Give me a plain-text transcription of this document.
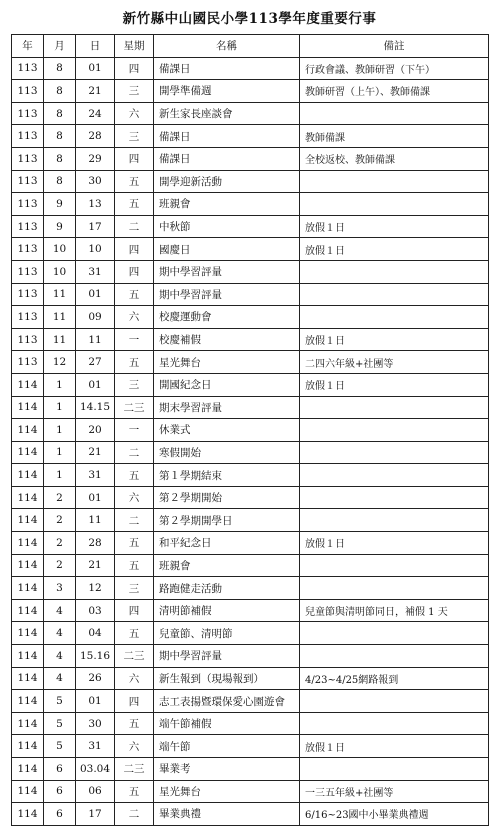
新竹縣中山國民小學113學年度重要行事
年	月	日	星期	名稱	備註
113	8	01	四	備課日	行政會議、教師研習（下午）
113	8	21	三	開學準備週	教師研習（上午）、教師備課
113	8	24	六	新生家長座談會	
113	8	28	三	備課日	教師備課
113	8	29	四	備課日	全校返校、教師備課
113	8	30	五	開學迎新活動	
113	9	13	五	班親會	
113	9	17	二	中秋節	放假１日
113	10	10	四	國慶日	放假１日
113	10	31	四	期中學習評量	
113	11	01	五	期中學習評量	
113	11	09	六	校慶運動會	
113	11	11	一	校慶補假	放假１日
113	12	27	五	星光舞台	二四六年級+社團等
114	1	01	三	開國紀念日	放假１日
114	1	14.15	二三	期末學習評量	
114	1	20	一	休業式	
114	1	21	二	寒假開始	
114	1	31	五	第１學期結束	
114	2	01	六	第２學期開始	
114	2	11	二	第２學期開學日	
114	2	28	五	和平紀念日	放假１日
114	2	21	五	班親會	
114	3	12	三	路跑健走活動	
114	4	03	四	清明節補假	兒童節與清明節同日，補假 1 天
114	4	04	五	兒童節、清明節	
114	4	15.16	二三	期中學習評量	
114	4	26	六	新生報到（現場報到）	4/23~4/25網路報到
114	5	01	四	志工表揚暨環保愛心園遊會	
114	5	30	五	端午節補假	
114	5	31	六	端午節	放假１日
114	6	03.04	二三	畢業考	
114	6	06	五	星光舞台	一三五年級+社團等
114	6	17	二	畢業典禮	6/16~23國中小畢業典禮週
